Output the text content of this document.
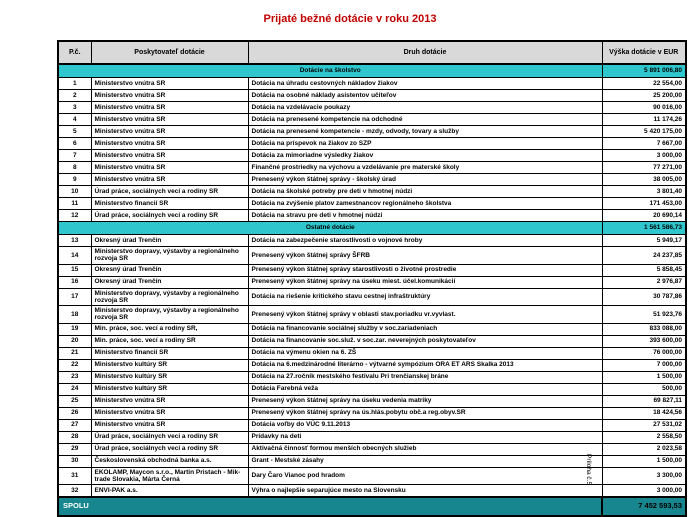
Prijaté bežné dotácie v roku 2013
P.č.	Poskytovateľ dotácie	Druh dotácie	Výška dotácie v EUR
Dotácie na školstvo			5 891 006,80
1	Ministerstvo vnútra SR	Dotácia na úhradu cestovných nákladov žiakov	22 554,00
2	Ministerstvo vnútra SR	Dotácia na osobné náklady asistentov učiteľov	25 200,00
3	Ministerstvo vnútra SR	Dotácia na vzdelávacie poukazy	90 016,00
4	Ministerstvo vnútra SR	Dotácia na prenesené kompetencie na odchodné	11 174,26
5	Ministerstvo vnútra SR	Dotácia na prenesené kompetencie - mzdy, odvody, tovary a služby	5 420 175,00
6	Ministerstvo vnútra SR	Dotácia na príspevok na žiakov zo SZP	7 667,00
7	Ministerstvo vnútra SR	Dotácia za mimoriadne výsledky žiakov	3 000,00
8	Ministerstvo vnútra SR	Finančné prostriedky na výchovu a vzdelávanie pre materské školy	77 271,00
9	Ministerstvo vnútra SR	Prenesený výkon štátnej správy - školský úrad	38 005,00
10	Úrad práce, sociálnych vecí a rodiny SR	Dotácia na školské potreby pre deti v hmotnej núdzi	3 801,40
11	Ministerstvo financií SR	Dotácia na zvýšenie platov zamestnancov regionálneho školstva	171 453,00
12	Úrad práce, sociálnych vecí a rodiny SR	Dotácia na stravu pre deti v hmotnej núdzi	20 690,14
Ostatné dotácie			1 561 586,73
13	Okresný úrad Trenčín	Dotácia na zabezpečenie starostlivosti o vojnové hroby	5 949,17
14	Ministerstvo dopravy, výstavby a regionálneho rozvoja SR	Prenesený výkon štátnej správy ŠFRB	24 237,85
15	Okresný úrad Trenčín	Prenesený výkon štátnej správy starostlivosti o životné prostredie	5 858,45
16	Okresný úrad Trenčín	Prenesený výkon štátnej správy na úseku miest. účel.komunikácií	2 976,87
17	Ministerstvo dopravy, výstavby a regionálneho rozvoja SR	Dotácia na riešenie kritického stavu cestnej infraštruktúry	30 787,86
18	Ministerstvo dopravy, výstavby a regionálneho rozvoja SR	Prenesený výkon štátnej správy v oblasti stav.poriadku vr.vyvlast.	51 923,76
19	Min. práce, soc. vecí a rodiny SR,	Dotácia na financovanie sociálnej služby v soc.zariadeniach	833 088,00
20	Min. práce, soc. vecí a rodiny SR	Dotácia na financovanie soc.služ. v soc.zar. neverejných poskytovateľov	393 600,00
21	Ministerstvo financií SR	Dotácia na výmenu okien na 6. ZŠ	76 000,00
22	Ministerstvo kultúry SR	Dotácia na 6.medzinárodné literárno - výtvarné sympózium ORA ET ARS Skalka 2013	7 000,00
23	Ministerstvo kultúry SR	Dotácia na 27.ročník mestského festivalu Pri trenčianskej bráne	1 500,00
24	Ministerstvo kultúry SR	Dotácia Farebná veža	500,00
25	Ministerstvo vnútra SR	Prenesený výkon štátnej správy na úseku vedenia matriky	69 827,11
26	Ministerstvo vnútra SR	Prenesený výkon štátnej správy na ús.hlás.pobytu obč.a reg.obyv.SR	18 424,56
27	Ministerstvo vnútra SR	Dotácia voľby do VÚC 9.11.2013	27 531,02
28	Úrad práce, sociálnych vecí a rodiny SR	Prídavky na deti	2 558,50
29	Úrad práce, sociálnych vecí a rodiny SR	Aktivačná činnosť formou menších obecných služieb	2 023,58
30	Československá obchodná banka a.s.	Grant - Mestské zásahy	1 500,00
31	EKOLAMP, Maycon s.r.o., Martin Pristach - Mik-trade Slovakia, Márta Černá	Dary Čaro Vianoc pod hradom	3 300,00
32	ENVI-PAK a.s.	Výhra o najlepšie separujúce mesto na Slovensku	3 000,00
SPOLU			7 452 593,53
Príloha č.5
